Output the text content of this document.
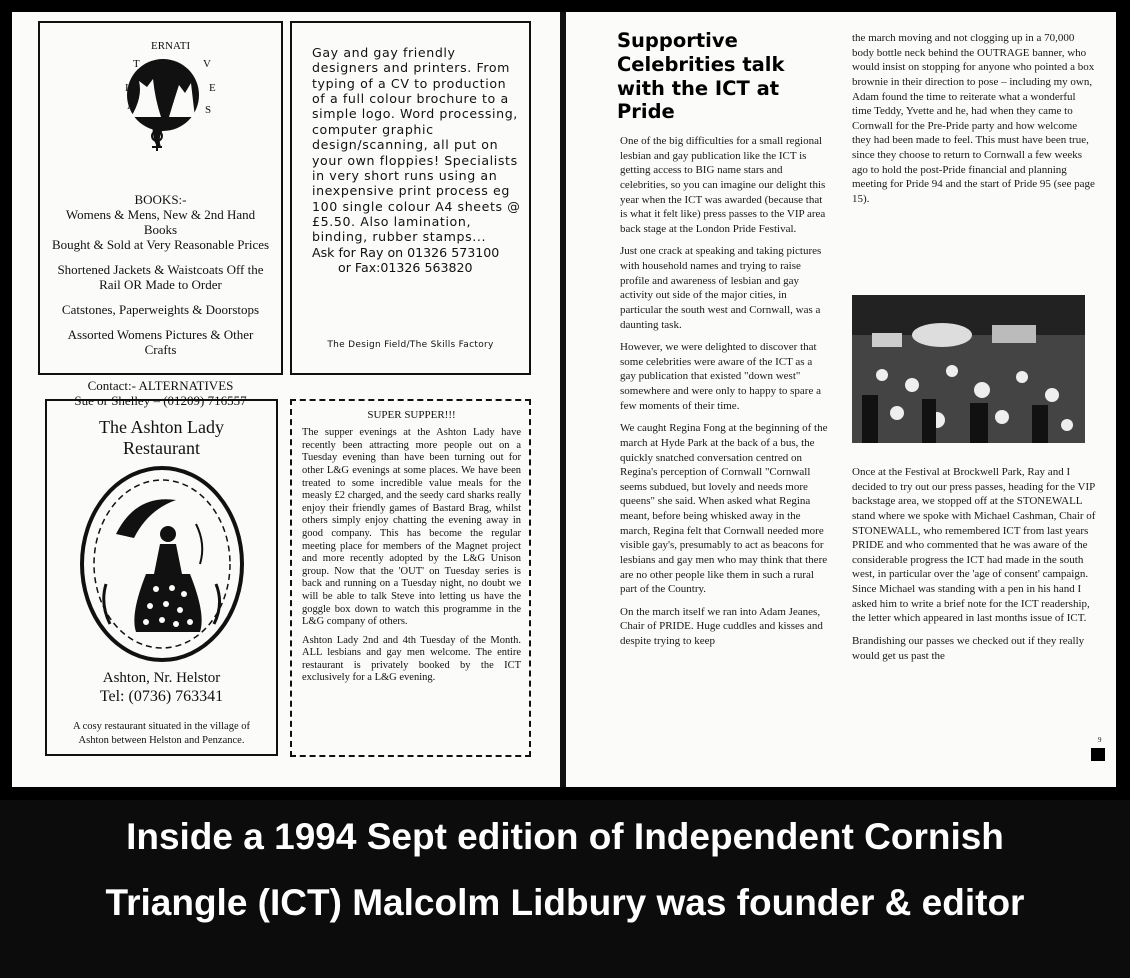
ERNATI
T
L
A
V
E
S
BOOKS:-

Womens & Mens, New & 2nd Hand Books

Bought & Sold at Very Reasonable Prices

Shortened Jackets & Waistcoats Off the

Rail OR Made to Order

Catstones, Paperweights & Doorstops

Assorted Womens Pictures & Other

Crafts

Contact:- ALTERNATIVES

Sue or Shelley – (01209) 716557

Gay and gay friendly designers and printers. From typing of a CV to production of a full colour brochure to a simple logo. Word processing, computer graphic design/scanning, all put on your own floppies! Specialists in very short runs using an inexpensive print process eg 100 single colour A4 sheets @ £5.50. Also lamination, binding, rubber stamps...
Ask for Ray on 01326 573100
or Fax:01326 563820
The Design Field/The Skills Factory
The Ashton Lady
Restaurant
Ashton, Nr. Helstor
Tel: (0736) 763341
A cosy restaurant situated in the village of
Ashton between Helston and Penzance.
SUPER SUPPER!!!
The supper evenings at the Ashton Lady have recently been attracting more people out on a Tuesday evening than have been turning out for other L&G evenings at some places. We have been treated to some incredible value meals for the measly £2 charged, and the seedy card sharks really enjoy their friendly games of Bastard Brag, whilst others simply enjoy chatting the evening away in good company. This has become the regular meeting place for members of the Magnet project and more recently adopted by the L&G Unison group. Now that the 'OUT' on Tuesday series is back and running on a Tuesday night, no doubt we will be able to talk Steve into letting us have the goggle box down to watch this programme in the L&G company of others.
Ashton Lady 2nd and 4th Tuesday of the Month. ALL lesbians and gay men welcome. The entire restaurant is privately booked by the ICT exclusively for a L&G evening.
Supportive Celebrities talk with the ICT at Pride

One of the big difficulties for a small regional lesbian and gay publication like the ICT is getting access to BIG name stars and celebrities, so you can imagine our delight this year when the ICT was awarded (because that is what it felt like) press passes to the VIP area back stage at the London Pride Festival.

Just one crack at speaking and taking pictures with household names and trying to raise profile and awareness of lesbian and gay activity out side of the major cities, in particular the south west and Cornwall, was a daunting task.

However, we were delighted to discover that some celebrities were aware of the ICT as a gay publication that existed "down west" somewhere and were only to happy to spare a few moments of their time.

We caught Regina Fong at the beginning of the march at Hyde Park at the back of a bus, the quickly snatched conversation centred on Regina's perception of Cornwall "Cornwall seems subdued, but lovely and needs more queens" she said. When asked what Regina meant, before being whisked away in the march, Regina felt that Cornwall needed more visible gay's, presumably to act as beacons for lesbians and gay men who may think that there are no other people like them in such a rural part of the Country.

On the march itself we ran into Adam Jeanes, Chair of PRIDE. Huge cuddles and kisses and despite trying to keep

the march moving and not clogging up in a 70,000 body bottle neck behind the OUTRAGE banner, who would insist on stopping for anyone who pointed a box brownie in their direction to pose – including my own, Adam found the time to reiterate what a wonderful time Teddy, Yvette and he, had when they came to Cornwall for the Pre-Pride party and how welcome they had been made to feel. This must have been true, since they choose to return to Cornwall a few weeks ago to hold the post-Pride financial and planning meeting for Pride 94 and the start of Pride 95 (see page 15).

Once at the Festival at Brockwell Park, Ray and I decided to try out our press passes, heading for the VIP backstage area, we stopped off at the STONEWALL stand where we spoke with Michael Cashman, Chair of STONEWALL, who remembered ICT from last years PRIDE and who commented that he was aware of the considerable progress the ICT had made in the south west, in particular over the 'age of consent' campaign. Since Michael was standing with a pen in his hand I asked him to write a brief note for the ICT readership, the letter which appeared in last months issue of ICT.

Brandishing our passes we checked out if they really would get us past the

9
Inside a 1994 Sept edition of Independent Cornish
Triangle (ICT) Malcolm Lidbury was founder & editor
